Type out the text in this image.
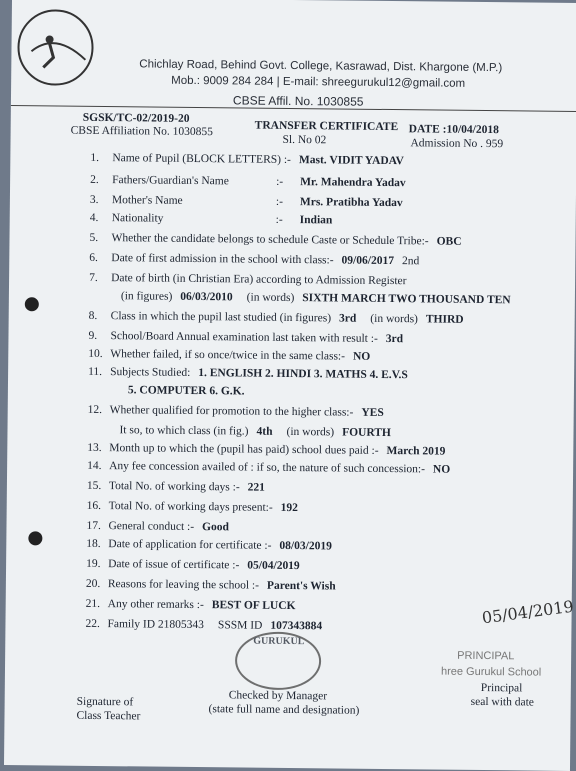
Chichlay Road, Behind Govt. College, Kasrawad, Dist. Khargone (M.P.)
Mob.: 9009 284 284 | E-mail: shreegurukul12@gmail.com
CBSE Affil. No. 1030855
SGSK/TC-02/2019-20
CBSE Affiliation No. 1030855	TRANSFER CERTIFICATE
Sl. No 02
DATE :10/04/2018
Admission No . 959
1. Name of Pupil (BLOCK LETTERS) :- Mast. VIDIT YADAV
2. Fathers/Guardian's Name	:- Mr. Mahendra Yadav
3. Mother's Name	:- Mrs. Pratibha Yadav
4. Nationality	:- Indian
5. Whether the candidate belongs to schedule Caste or Schedule Tribe:- OBC
6. Date of first admission in the school with class:- 09/06/2017 2nd
7. Date of birth (in Christian Era) according to Admission Register
(in figures) 06/03/2010 (in words) SIXTH MARCH TWO THOUSAND TEN
8. Class in which the pupil last studied (in figures) 3rd (in words) THIRD
9. School/Board Annual examination last taken with result :- 3rd
10. Whether failed, if so once/twice in the same class:- NO
11. Subjects Studied: 1. ENGLISH 2. HINDI 3. MATHS 4. E.V.S
5. COMPUTER 6. G.K.
12. Whether qualified for promotion to the higher class:- YES
It so, to which class (in fig.) 4th (in words) FOURTH
13. Month up to which the (pupil has paid) school dues paid :- March 2019
14. Any fee concession availed of : if so, the nature of such concession:- NO
15. Total No. of working days :- 221
16. Total No. of working days present:- 192
17. General conduct :- Good
18. Date of application for certificate :- 08/03/2019
19. Date of issue of certificate :- 05/04/2019
20. Reasons for leaving the school :- Parent's Wish
21. Any other remarks :- BEST OF LUCK
22. Family ID 21805343 SSSM ID 107343884
GURUKUL
05/04/2019
PRINCIPAL
hree Gurukul School
Principal
seal with date
Checked by Manager
(state full name and designation)
Signature of
Class Teacher
